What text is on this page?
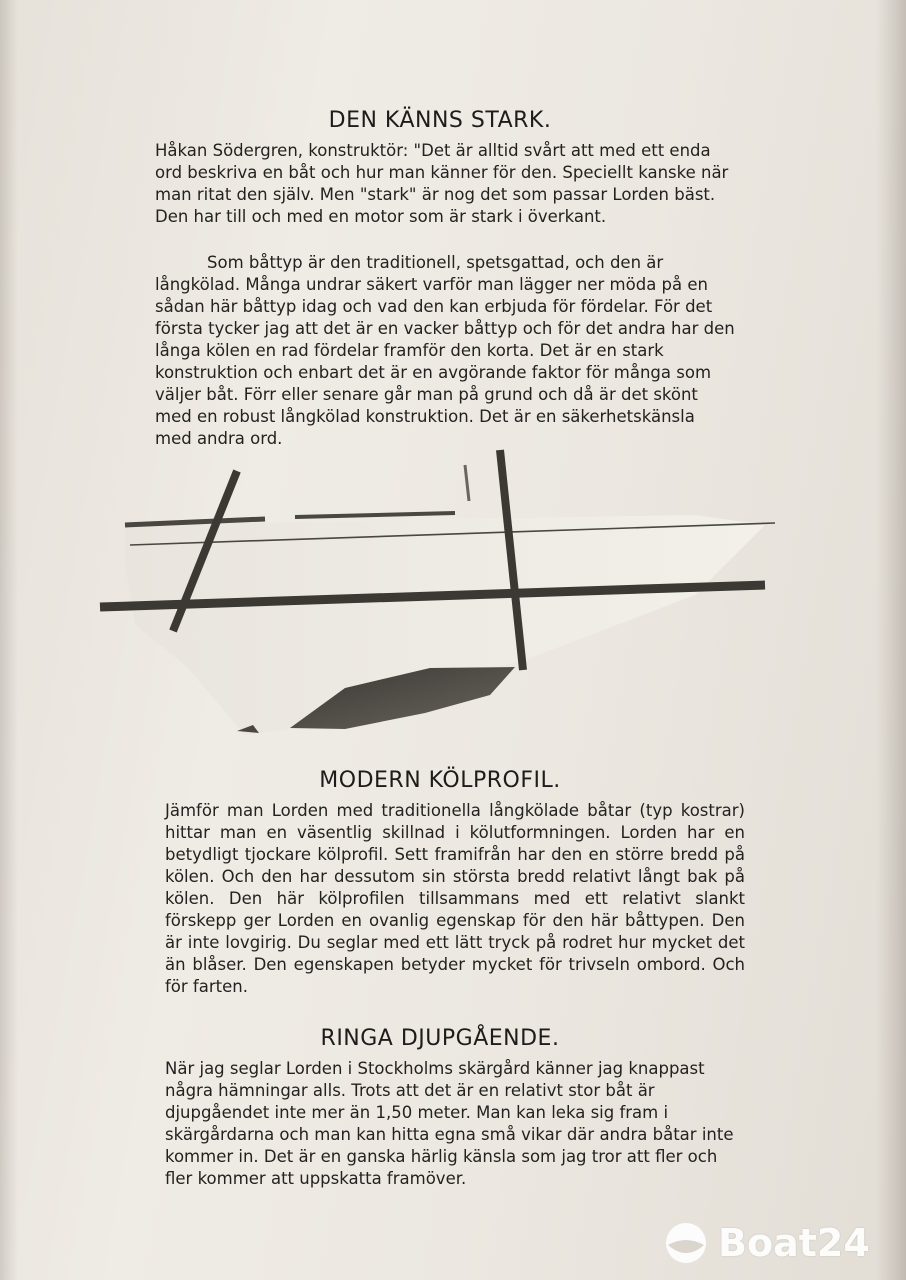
DEN KÄNNS STARK.

Håkan Södergren, konstruktör: "Det är alltid svårt att med ett enda ord beskriva en båt och hur man känner för den. Speciellt kanske när man ritat den själv. Men "stark" är nog det som passar Lorden bäst. Den har till och med en motor som är stark i överkant.

Som båttyp är den traditionell, spetsgattad, och den är långkölad. Många undrar säkert varför man lägger ner möda på en sådan här båttyp idag och vad den kan erbjuda för fördelar. För det första tycker jag att det är en vacker båttyp och för det andra har den långa kölen en rad fördelar framför den korta. Det är en stark konstruktion och enbart det är en avgörande faktor för många som väljer båt. Förr eller senare går man på grund och då är det skönt med en robust långkölad konstruktion. Det är en säkerhetskänsla med andra ord.

MODERN KÖLPROFIL.

Jämför man Lorden med traditionella långkölade båtar (typ kostrar) hittar man en väsentlig skillnad i kölutformningen. Lorden har en betydligt tjockare kölprofil. Sett framifrån har den en större bredd på kölen. Och den har dessutom sin största bredd relativt långt bak på kölen. Den här kölprofilen tillsammans med ett relativt slankt förskepp ger Lorden en ovanlig egenskap för den här båttypen. Den är inte lovgirig. Du seglar med ett lätt tryck på rodret hur mycket det än blåser. Den egenskapen betyder mycket för trivseln ombord. Och för farten.

RINGA DJUPGÅENDE.

När jag seglar Lorden i Stockholms skärgård känner jag knappast några hämningar alls. Trots att det är en relativt stor båt är djupgåendet inte mer än 1,50 meter. Man kan leka sig fram i skärgårdarna och man kan hitta egna små vikar där andra båtar inte kommer in. Det är en ganska härlig känsla som jag tror att fler och fler kommer att uppskatta framöver.

Boat24
